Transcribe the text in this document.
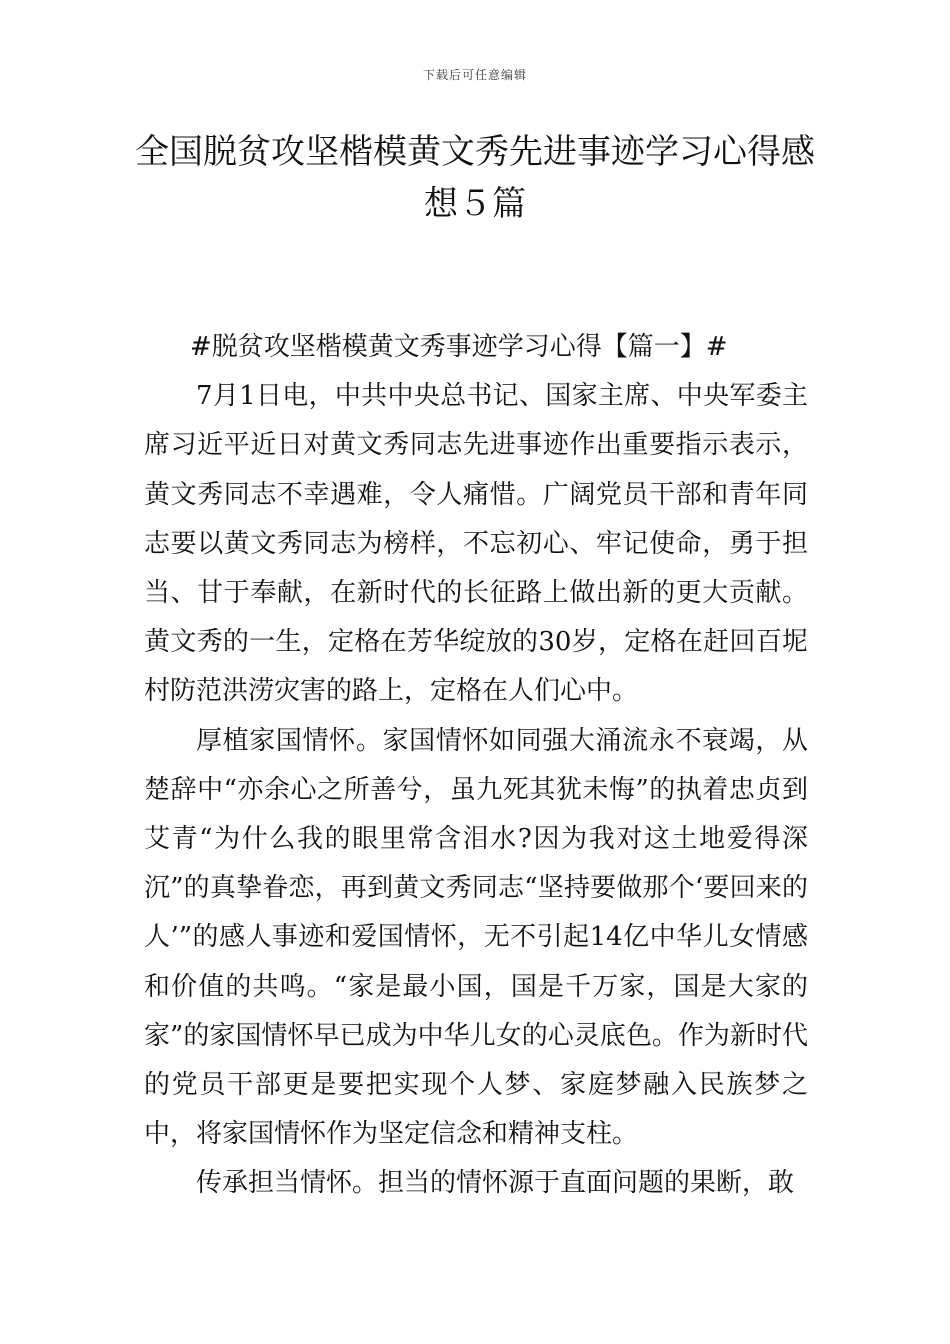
下载后可任意编辑
全国脱贫攻坚楷模黄文秀先进事迹学习心得感想５篇

#脱贫攻坚楷模黄文秀事迹学习心得【篇一】#

7月1日电，中共中央总书记、国家主席、中央军委主席习近平近日对黄文秀同志先进事迹作出重要指示表示，黄文秀同志不幸遇难，令人痛惜。广阔党员干部和青年同志要以黄文秀同志为榜样，不忘初心、牢记使命，勇于担当、甘于奉献，在新时代的长征路上做出新的更大贡献。黄文秀的一生，定格在芳华绽放的30岁，定格在赶回百坭村防范洪涝灾害的路上，定格在人们心中。

厚植家国情怀。家国情怀如同强大涌流永不衰竭，从楚辞中“亦余心之所善兮，虽九死其犹未悔”的执着忠贞到艾青“为什么我的眼里常含泪水?因为我对这土地爱得深沉”的真挚眷恋，再到黄文秀同志“坚持要做那个‘要回来的人’”的感人事迹和爱国情怀，无不引起14亿中华儿女情感和价值的共鸣。“家是最小国，国是千万家，国是大家的家”的家国情怀早已成为中华儿女的心灵底色。作为新时代的党员干部更是要把实现个人梦、家庭梦融入民族梦之中，将家国情怀作为坚定信念和精神支柱。

传承担当情怀。担当的情怀源于直面问题的果断，敢
